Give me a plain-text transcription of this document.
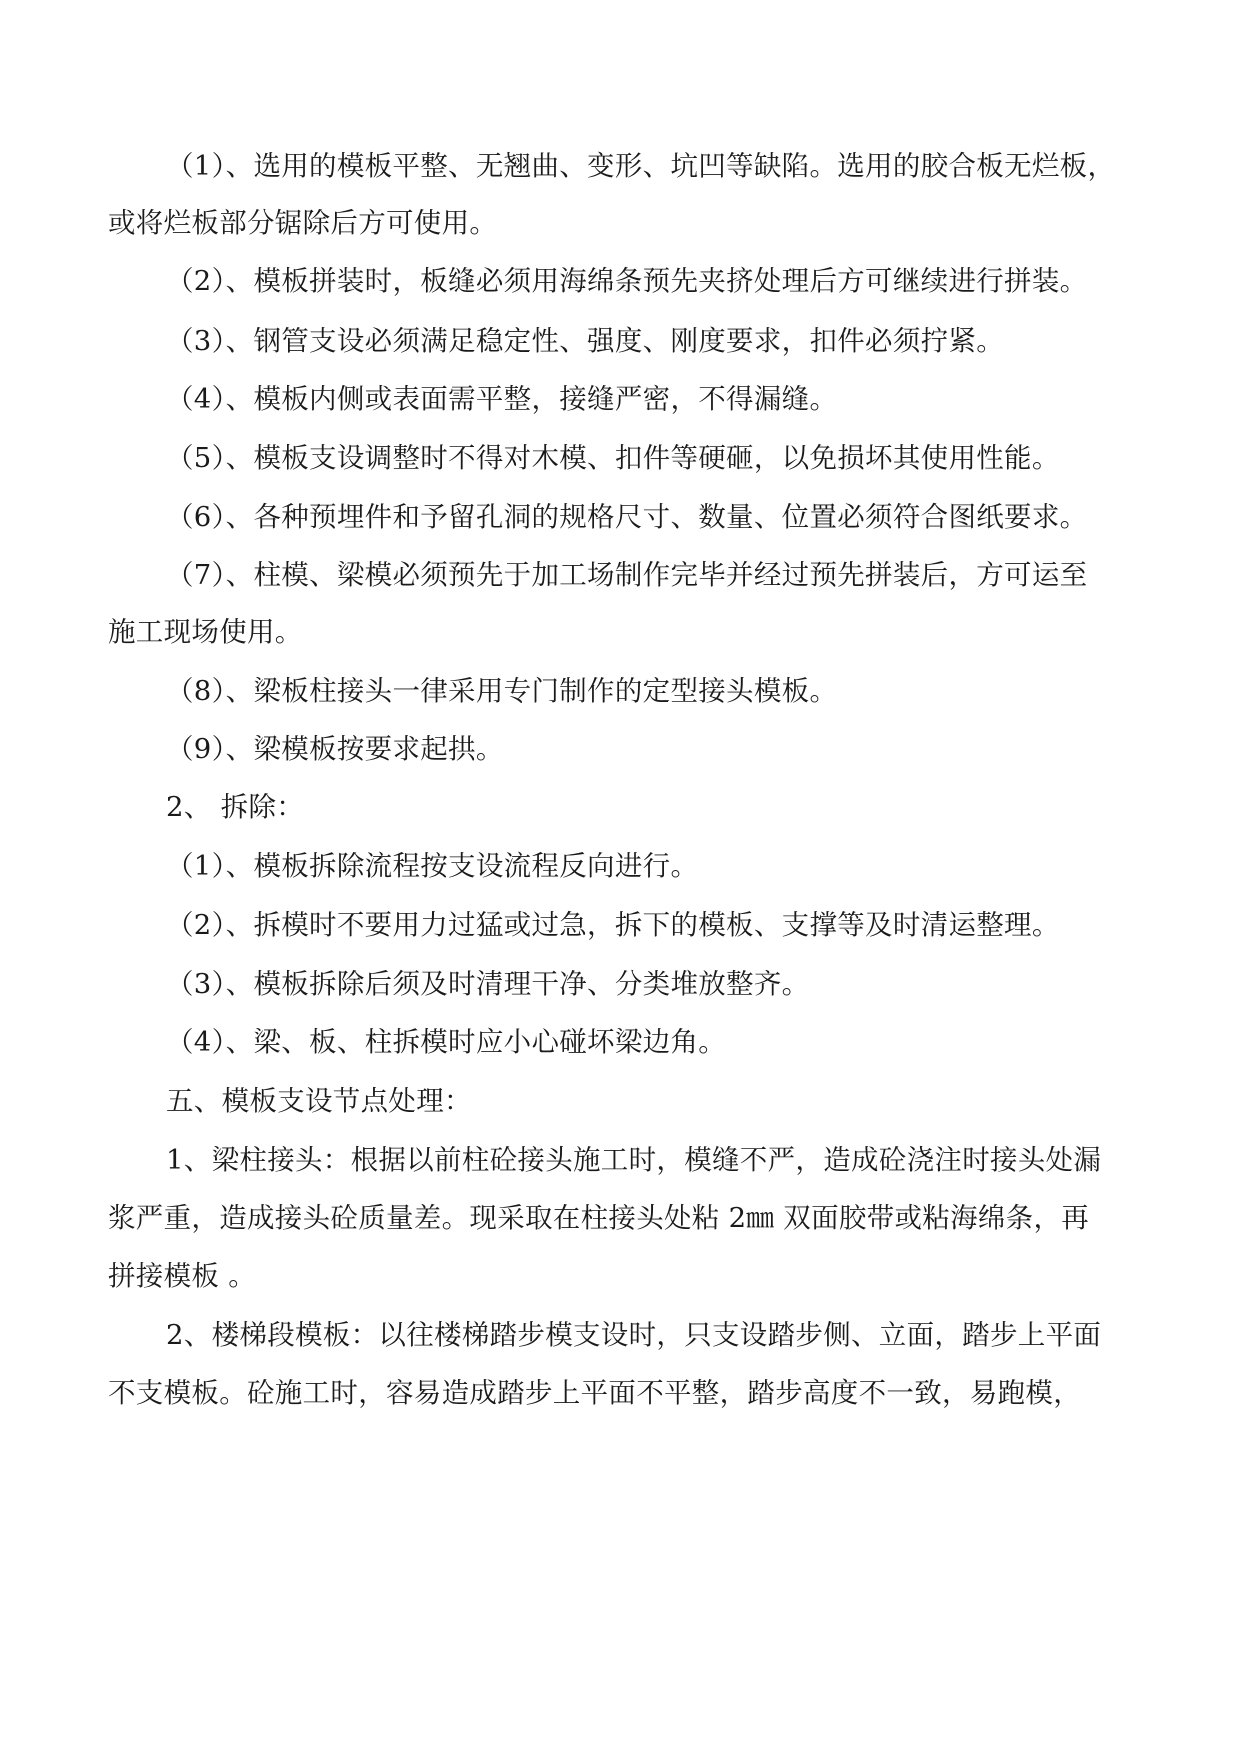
（1）、选用的模板平整、无翘曲、变形、坑凹等缺陷。选用的胶合板无烂板，
或将烂板部分锯除后方可使用。
（2）、模板拼装时，板缝必须用海绵条预先夹挤处理后方可继续进行拼装。
（3）、钢管支设必须满足稳定性、强度、刚度要求，扣件必须拧紧。
（4）、模板内侧或表面需平整，接缝严密，不得漏缝。
（5）、模板支设调整时不得对木模、扣件等硬砸，以免损坏其使用性能。
（6）、各种预埋件和予留孔洞的规格尺寸、数量、位置必须符合图纸要求。
（7）、柱模、梁模必须预先于加工场制作完毕并经过预先拼装后，方可运至
施工现场使用。
（8）、梁板柱接头一律采用专门制作的定型接头模板。
（9）、梁模板按要求起拱。
2、 拆除：
（1）、模板拆除流程按支设流程反向进行。
（2）、拆模时不要用力过猛或过急，拆下的模板、支撑等及时清运整理。
（3）、模板拆除后须及时清理干净、分类堆放整齐。
（4）、梁、板、柱拆模时应小心碰坏梁边角。
五、模板支设节点处理：
1、梁柱接头：根据以前柱砼接头施工时，模缝不严，造成砼浇注时接头处漏
浆严重，造成接头砼质量差。现采取在柱接头处粘 2㎜ 双面胶带或粘海绵条，再
拼接模板 。
2、楼梯段模板：以往楼梯踏步模支设时，只支设踏步侧、立面，踏步上平面
不支模板。砼施工时，容易造成踏步上平面不平整，踏步高度不一致，易跑模，
